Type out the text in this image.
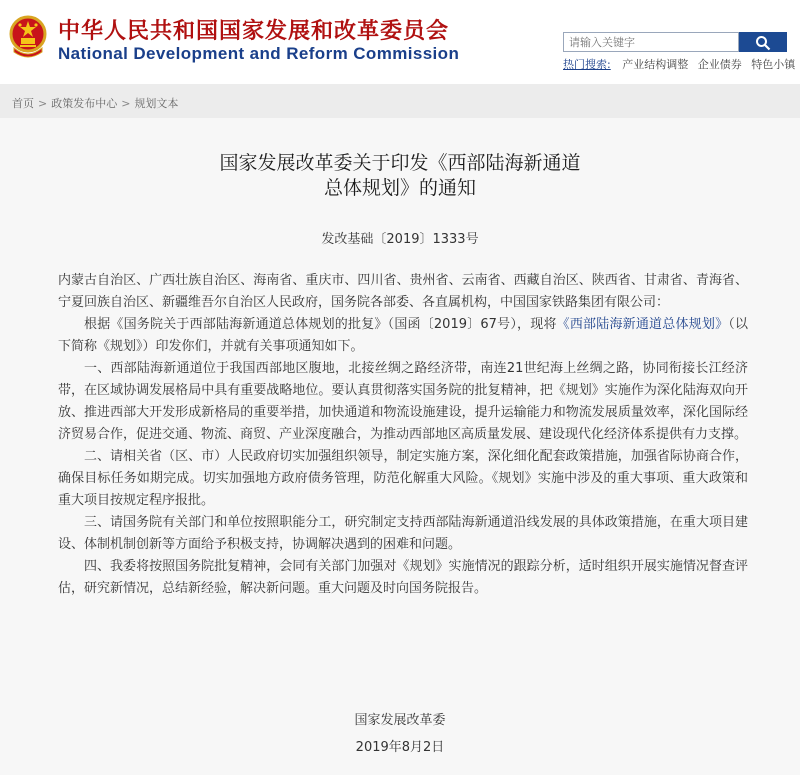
中华人民共和国国家发展和改革委员会
National Development and Reform Commission
请输入关键字
热门搜索: 产业结构调整 企业债券 特色小镇
首页 > 政策发布中心 > 规划文本
国家发展改革委关于印发《西部陆海新通道
总体规划》的通知
发改基础〔2019〕1333号

内蒙古自治区、广西壮族自治区、海南省、重庆市、四川省、贵州省、云南省、西藏自治区、陕西省、甘肃省、青海省、宁夏回族自治区、新疆维吾尔自治区人民政府，国务院各部委、各直属机构，中国国家铁路集团有限公司：

根据《国务院关于西部陆海新通道总体规划的批复》（国函〔2019〕67号），现将《西部陆海新通道总体规划》（以下简称《规划》）印发你们，并就有关事项通知如下。

一、西部陆海新通道位于我国西部地区腹地，北接丝绸之路经济带，南连21世纪海上丝绸之路，协同衔接长江经济带，在区域协调发展格局中具有重要战略地位。要认真贯彻落实国务院的批复精神，把《规划》实施作为深化陆海双向开放、推进西部大开发形成新格局的重要举措，加快通道和物流设施建设，提升运输能力和物流发展质量效率，深化国际经济贸易合作，促进交通、物流、商贸、产业深度融合，为推动西部地区高质量发展、建设现代化经济体系提供有力支撑。

二、请相关省（区、市）人民政府切实加强组织领导，制定实施方案，深化细化配套政策措施，加强省际协商合作，确保目标任务如期完成。切实加强地方政府债务管理，防范化解重大风险。《规划》实施中涉及的重大事项、重大政策和重大项目按规定程序报批。

三、请国务院有关部门和单位按照职能分工，研究制定支持西部陆海新通道沿线发展的具体政策措施，在重大项目建设、体制机制创新等方面给予积极支持，协调解决遇到的困难和问题。

四、我委将按照国务院批复精神，会同有关部门加强对《规划》实施情况的跟踪分析，适时组织开展实施情况督查评估，研究新情况，总结新经验，解决新问题。重大问题及时向国务院报告。

国家发展改革委
2019年8月2日
